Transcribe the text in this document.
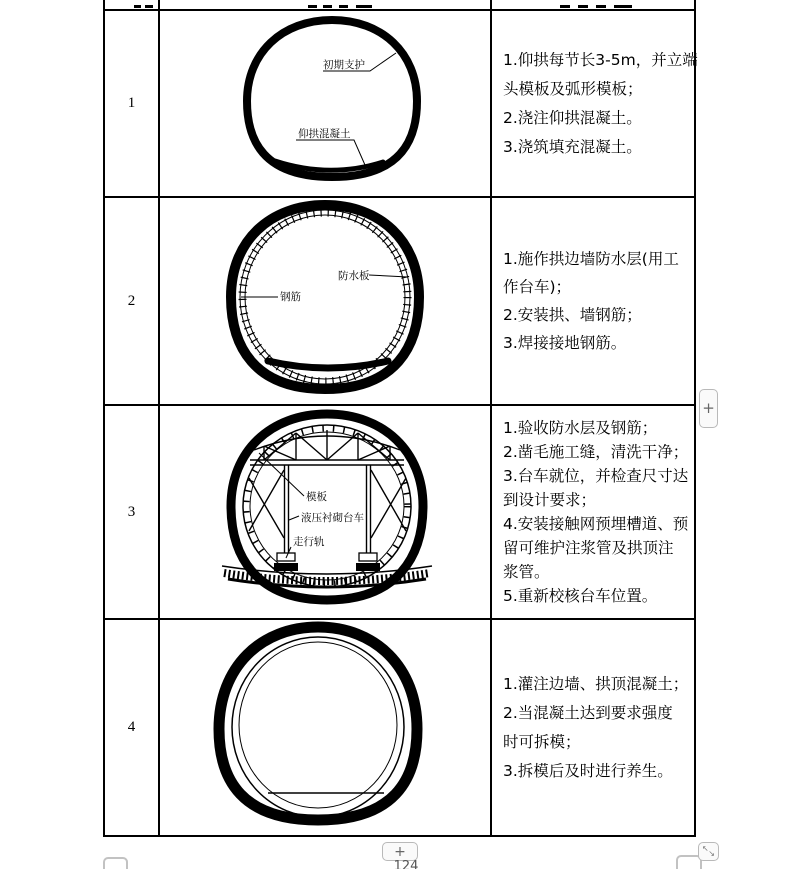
1
初期支护
仰拱混凝土
1.仰拱每节长3-5m，并立端
头模板及弧形模板；
2.浇注仰拱混凝土。
3.浇筑填充混凝土。
2
防水板
钢筋
1.施作拱边墙防水层(用工
作台车)；
2.安装拱、墙钢筋；
3.焊接接地钢筋。
3
模板
液压衬砌台车
走行轨
1.验收防水层及钢筋；
2.凿毛施工缝，清洗干净；
3.台车就位，并检查尺寸达
到设计要求；
4.安装接触网预埋槽道、预
留可维护注浆管及拱顶注
浆管。
5.重新校核台车位置。
4
1.灌注边墙、拱顶混凝土；
2.当混凝土达到要求强度
时可拆模；
3.拆模后及时进行养生。
+
+
124
↖
↘
